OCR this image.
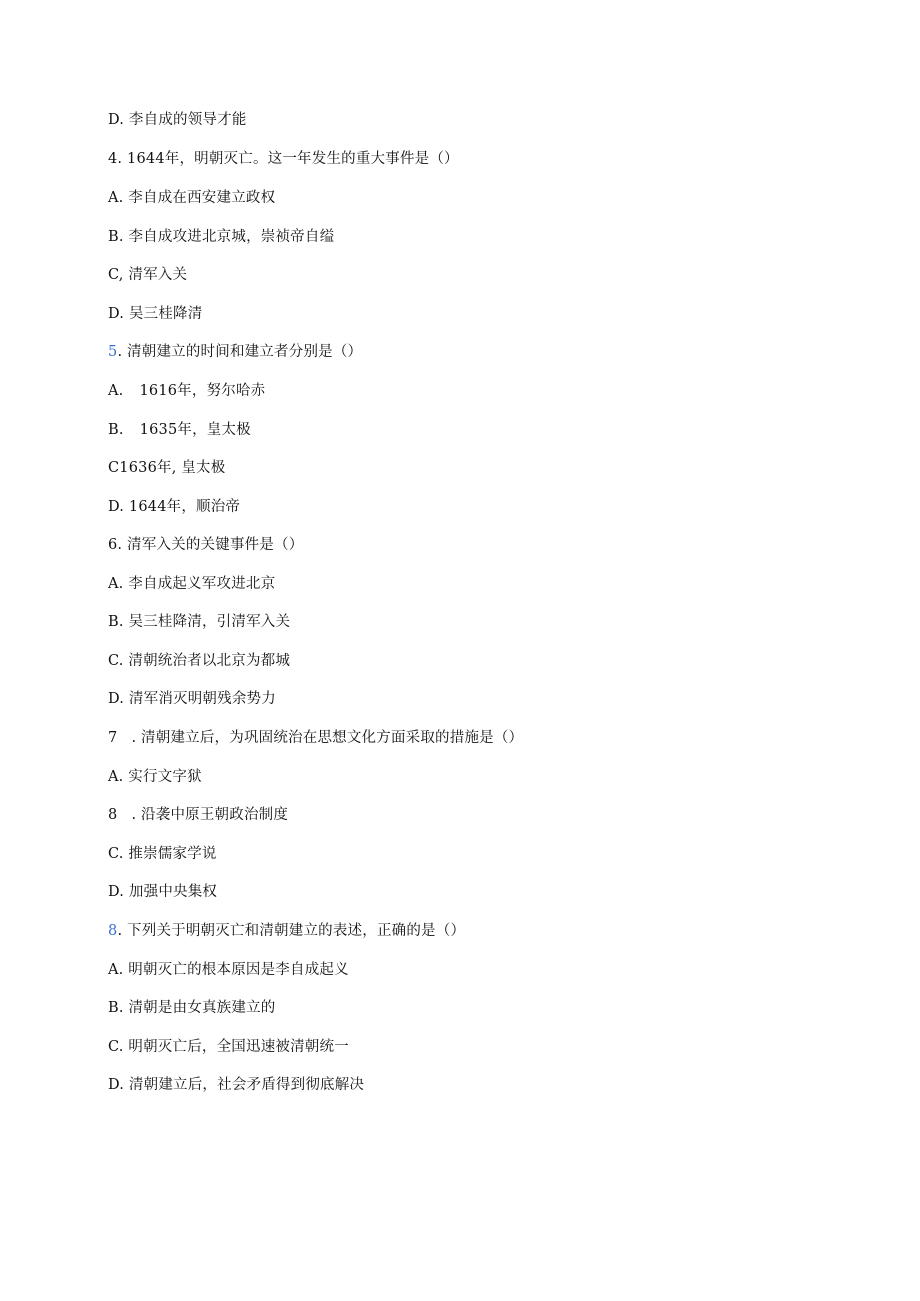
D. 李自成的领导才能
4. 1644年，明朝灭亡。这一年发生的重大事件是（）
A. 李自成在西安建立政权
B. 李自成攻进北京城，崇祯帝自缢
C, 清军入关
D. 吴三桂降清
5. 清朝建立的时间和建立者分别是（）
A. 1616年，努尔哈赤
B. 1635年，皇太极
C1636年, 皇太极
D. 1644年，顺治帝
6. 清军入关的关键事件是（）
A. 李自成起义军攻进北京
B. 吴三桂降清，引清军入关
C. 清朝统治者以北京为都城
D. 清军消灭明朝残余势力
7 . 清朝建立后，为巩固统治在思想文化方面采取的措施是（）
A. 实行文字狱
8 . 沿袭中原王朝政治制度
C. 推崇儒家学说
D. 加强中央集权
8. 下列关于明朝灭亡和清朝建立的表述，正确的是（）
A. 明朝灭亡的根本原因是李自成起义
B. 清朝是由女真族建立的
C. 明朝灭亡后，全国迅速被清朝统一
D. 清朝建立后，社会矛盾得到彻底解决
